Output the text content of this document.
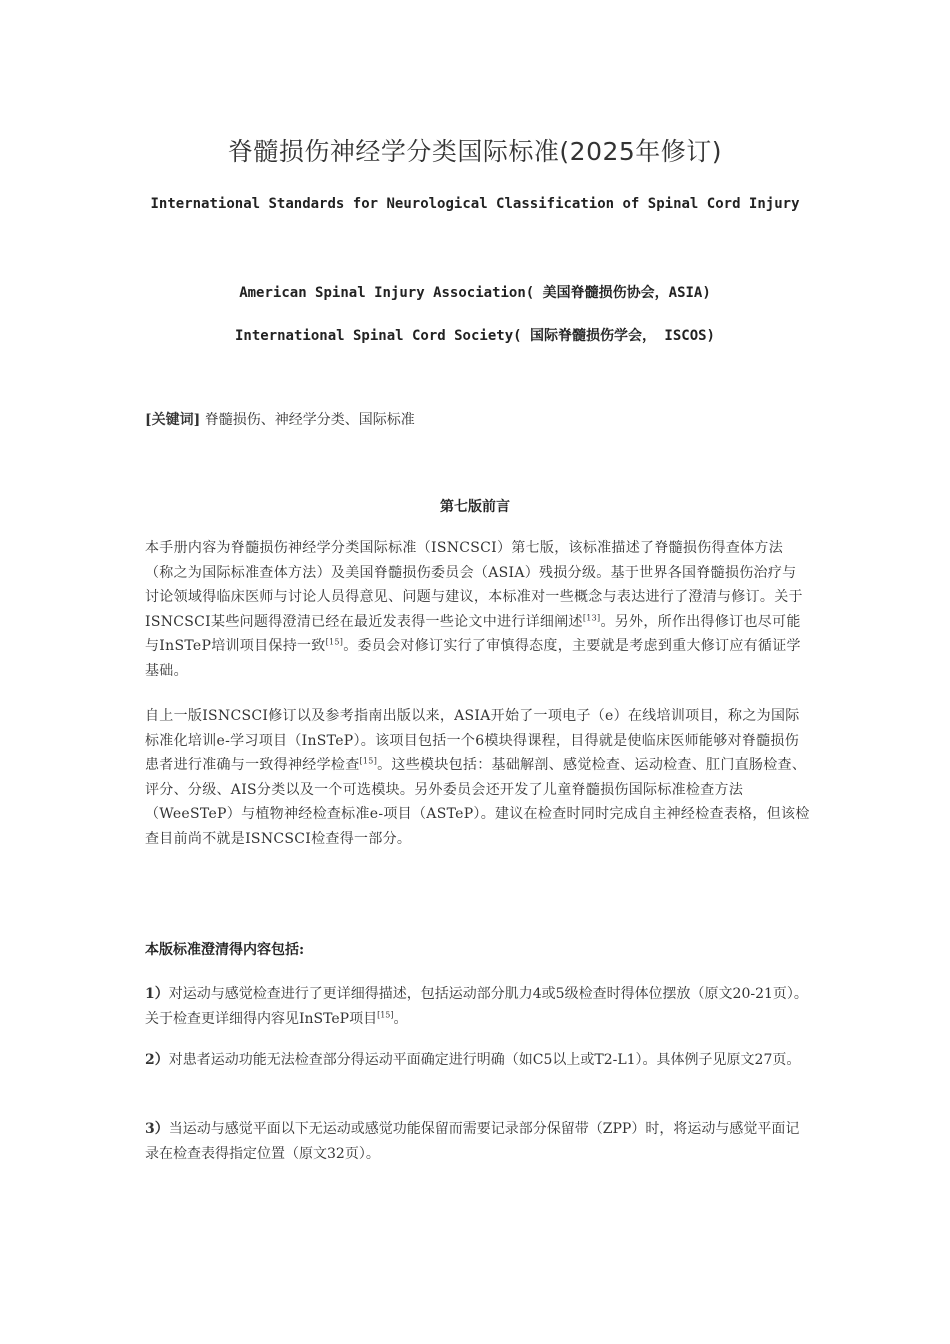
脊髓损伤神经学分类国际标准(2025年修订)
International Standards for Neurological Classification of Spinal Cord Injury
American Spinal Injury Association( 美国脊髓损伤协会，ASIA)
International Spinal Cord Society( 国际脊髓损伤学会， ISCOS)
[关键词] 脊髓损伤、神经学分类、国际标准
第七版前言
本手册内容为脊髓损伤神经学分类国际标准（ISNCSCI）第七版，该标准描述了脊髓损伤得查体方法（称之为国际标准查体方法）及美国脊髓损伤委员会（ASIA）残损分级。基于世界各国脊髓损伤治疗与讨论领域得临床医师与讨论人员得意见、问题与建议，本标准对一些概念与表达进行了澄清与修订。关于ISNCSCI某些问题得澄清已经在最近发表得一些论文中进行详细阐述[13]。另外，所作出得修订也尽可能与InSTeP培训项目保持一致[15]。委员会对修订实行了审慎得态度，主要就是考虑到重大修订应有循证学基础。
自上一版ISNCSCI修订以及参考指南出版以来，ASIA开始了一项电子（e）在线培训项目，称之为国际标准化培训e-学习项目（InSTeP）。该项目包括一个6模块得课程，目得就是使临床医师能够对脊髓损伤患者进行准确与一致得神经学检查[15]。这些模块包括：基础解剖、感觉检查、运动检查、肛门直肠检查、评分、分级、AIS分类以及一个可选模块。另外委员会还开发了儿童脊髓损伤国际标准检查方法（WeeSTeP）与植物神经检查标准e-项目（ASTeP）。建议在检查时同时完成自主神经检查表格，但该检查目前尚不就是ISNCSCI检查得一部分。
本版标准澄清得内容包括:
1）对运动与感觉检查进行了更详细得描述，包括运动部分肌力4或5级检查时得体位摆放（原文20-21页）。关于检查更详细得内容见InSTeP项目[15]。
2）对患者运动功能无法检查部分得运动平面确定进行明确（如C5以上或T2-L1）。具体例子见原文27页。
3）当运动与感觉平面以下无运动或感觉功能保留而需要记录部分保留带（ZPP）时，将运动与感觉平面记录在检查表得指定位置（原文32页）。
